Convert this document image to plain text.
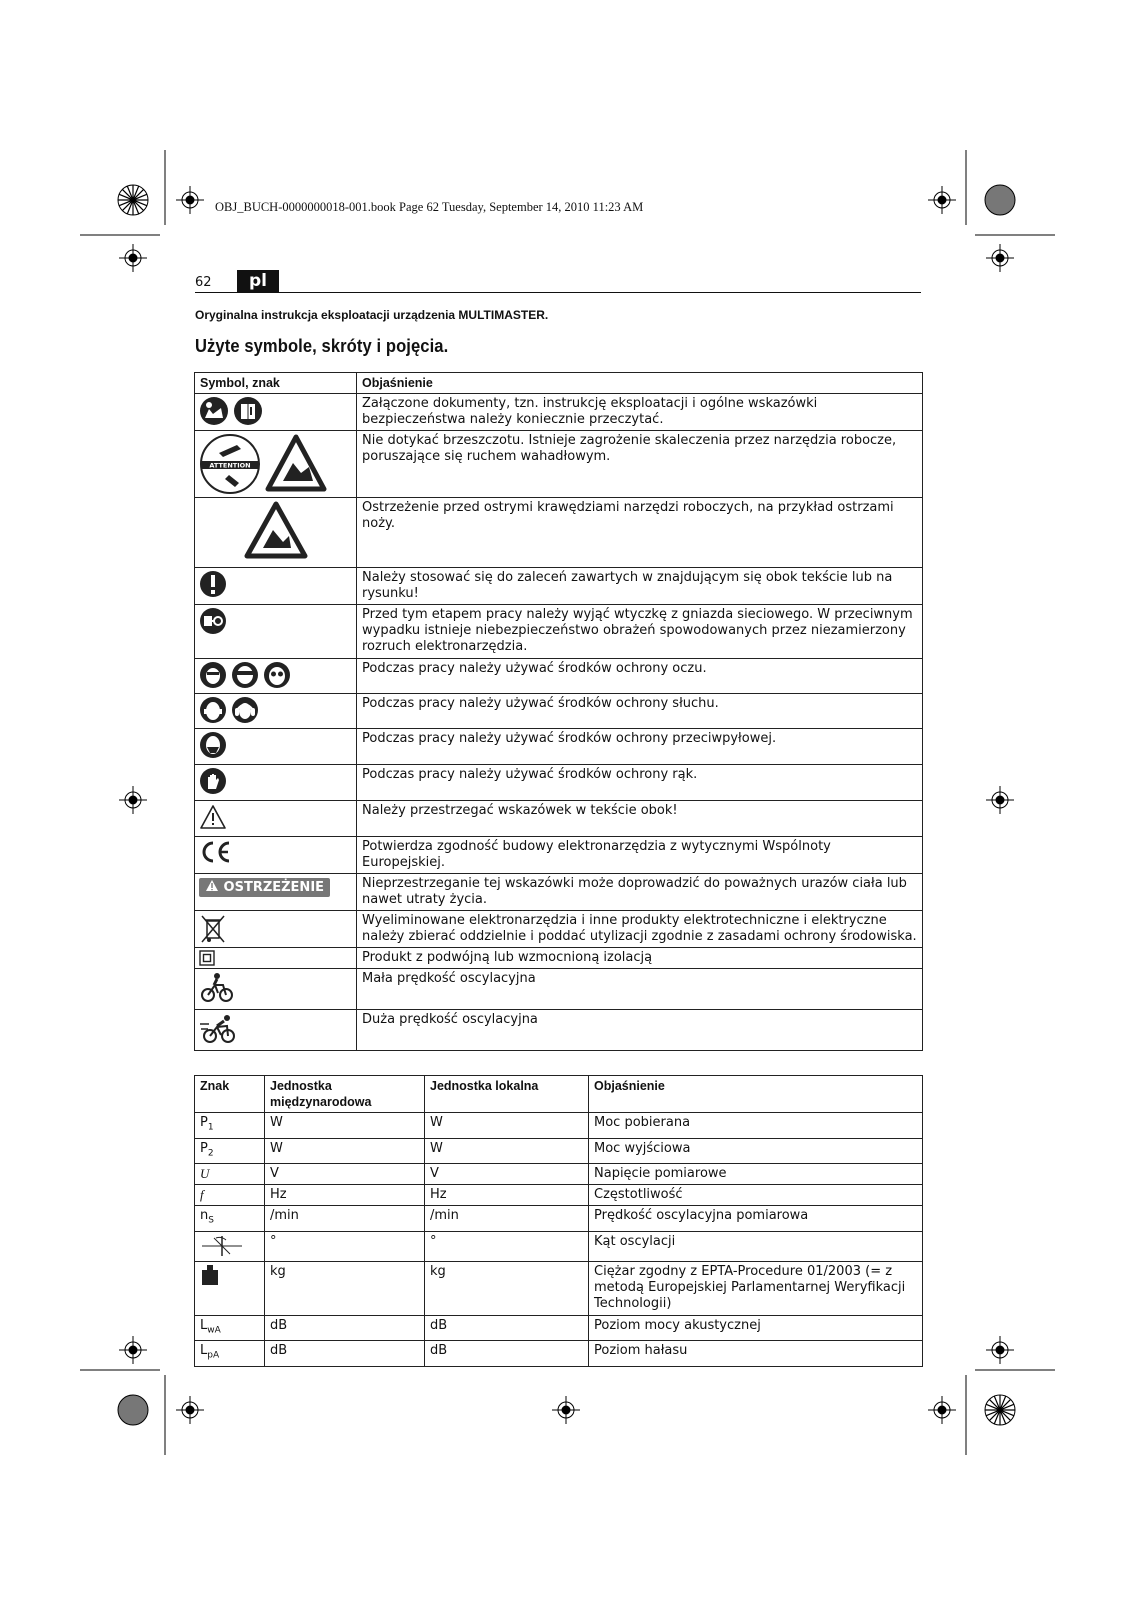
OBJ_BUCH-0000000018-001.book Page 62 Tuesday, September 14, 2010 11:23 AM
62	pl
Oryginalna instrukcja eksploatacji urządzenia MULTIMASTER.
Użyte symbole, skróty i pojęcia.
Symbol, znak	Objaśnienie
	Załączone dokumenty, tzn. instrukcję eksploatacji i ogólne wskazówki bezpieczeństwa należy koniecznie przeczytać.

ATTENTION	Nie dotykać brzeszczotu. Istnieje zagrożenie skaleczenia przez narzędzia robocze, poruszające się ruchem wahadłowym.
	Ostrzeżenie przed ostrymi krawędziami narzędzi roboczych, na przykład ostrzami noży.
	Należy stosować się do zaleceń zawartych w znajdującym się obok tekście lub na rysunku!
	Przed tym etapem pracy należy wyjąć wtyczkę z gniazda sieciowego. W przeciwnym wypadku istnieje niebezpieczeństwo obrażeń spowodowanych przez niezamierzony rozruch elektronarzędzia.
	Podczas pracy należy używać środków ochrony oczu.
	Podczas pracy należy używać środków ochrony słuchu.
	Podczas pracy należy używać środków ochrony przeciwpyłowej.
	Podczas pracy należy używać środków ochrony rąk.
	Należy przestrzegać wskazówek w tekście obok!
	Potwierdza zgodność budowy elektronarzędzia z wytycznymi Wspólnoty Europejskiej.
OSTRZEŻENIE	Nieprzestrzeganie tej wskazówki może doprowadzić do poważnych urazów ciała lub nawet utraty życia.
	Wyeliminowane elektronarzędzia i inne produkty elektrotechniczne i elektryczne należy zbierać oddzielnie i poddać utylizacji zgodnie z zasadami ochrony środowiska.
	Produkt z podwójną lub wzmocnioną izolacją
	Mała prędkość oscylacyjna
	Duża prędkość oscylacyjna
Znak	Jednostka międzynarodowa	Jednostka lokalna	Objaśnienie
$P_1$	W	W	Moc pobierana
$P_2$	W	W	Moc wyjściowa
U	V	V	Napięcie pomiarowe
f	Hz	Hz	Częstotliwość
$n_S$	/min	/min	Prędkość oscylacyjna pomiarowa
	°	°	Kąt oscylacji
	kg	kg	Ciężar zgodny z EPTA-Procedure 01/2003 (= z metodą Europejskiej Parlamentarnej Weryfikacji Technologii)
$L_{wA}$	dB	dB	Poziom mocy akustycznej
$L_{pA}$	dB	dB	Poziom hałasu
